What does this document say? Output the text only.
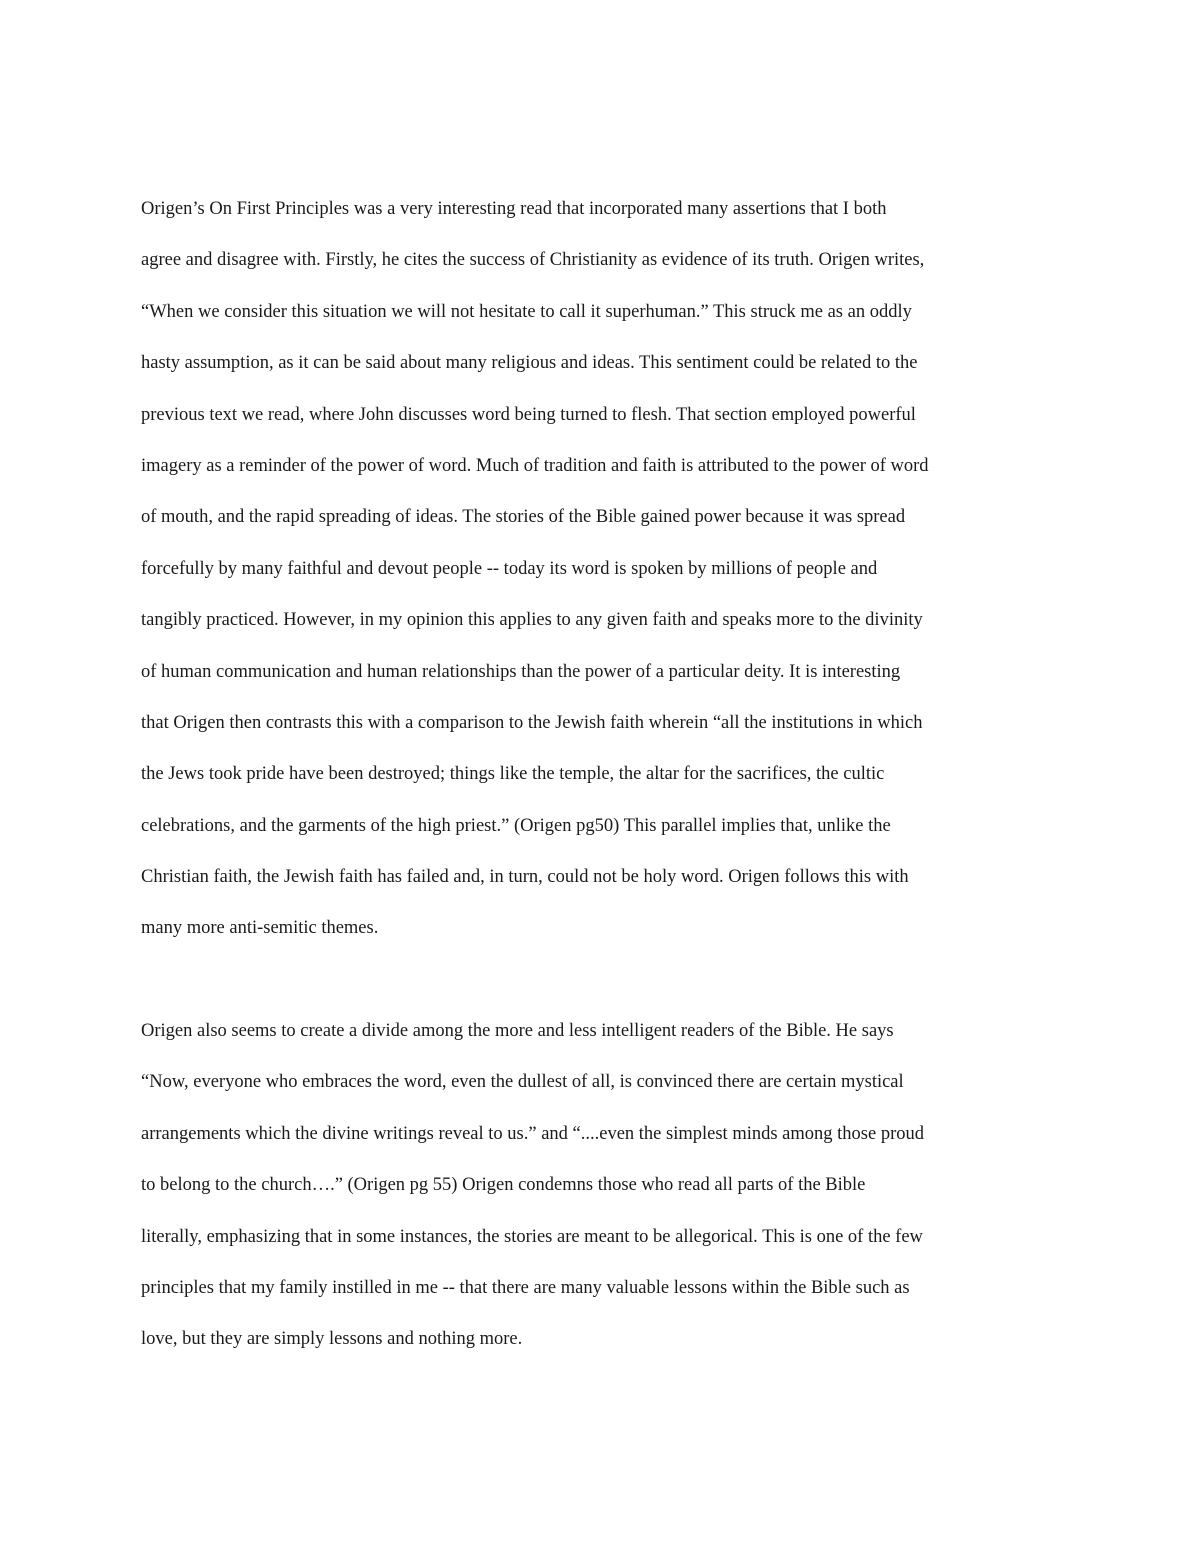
Origen’s On First Principles was a very interesting read that incorporated many assertions that I both
agree and disagree with. Firstly, he cites the success of Christianity as evidence of its truth. Origen writes,
“When we consider this situation we will not hesitate to call it superhuman.” This struck me as an oddly
hasty assumption, as it can be said about many religious and ideas. This sentiment could be related to the
previous text we read, where John discusses word being turned to flesh. That section employed powerful
imagery as a reminder of the power of word. Much of tradition and faith is attributed to the power of word
of mouth, and the rapid spreading of ideas. The stories of the Bible gained power because it was spread
forcefully by many faithful and devout people -- today its word is spoken by millions of people and
tangibly practiced. However, in my opinion this applies to any given faith and speaks more to the divinity
of human communication and human relationships than the power of a particular deity. It is interesting
that Origen then contrasts this with a comparison to the Jewish faith wherein “all the institutions in which
the Jews took pride have been destroyed; things like the temple, the altar for the sacrifices, the cultic
celebrations, and the garments of the high priest.” (Origen pg50) This parallel implies that, unlike the
Christian faith, the Jewish faith has failed and, in turn, could not be holy word. Origen follows this with
many more anti-semitic themes.
Origen also seems to create a divide among the more and less intelligent readers of the Bible. He says
“Now, everyone who embraces the word, even the dullest of all, is convinced there are certain mystical
arrangements which the divine writings reveal to us.” and “....even the simplest minds among those proud
to belong to the church….” (Origen pg 55) Origen condemns those who read all parts of the Bible
literally, emphasizing that in some instances, the stories are meant to be allegorical. This is one of the few
principles that my family instilled in me -- that there are many valuable lessons within the Bible such as
love, but they are simply lessons and nothing more.
